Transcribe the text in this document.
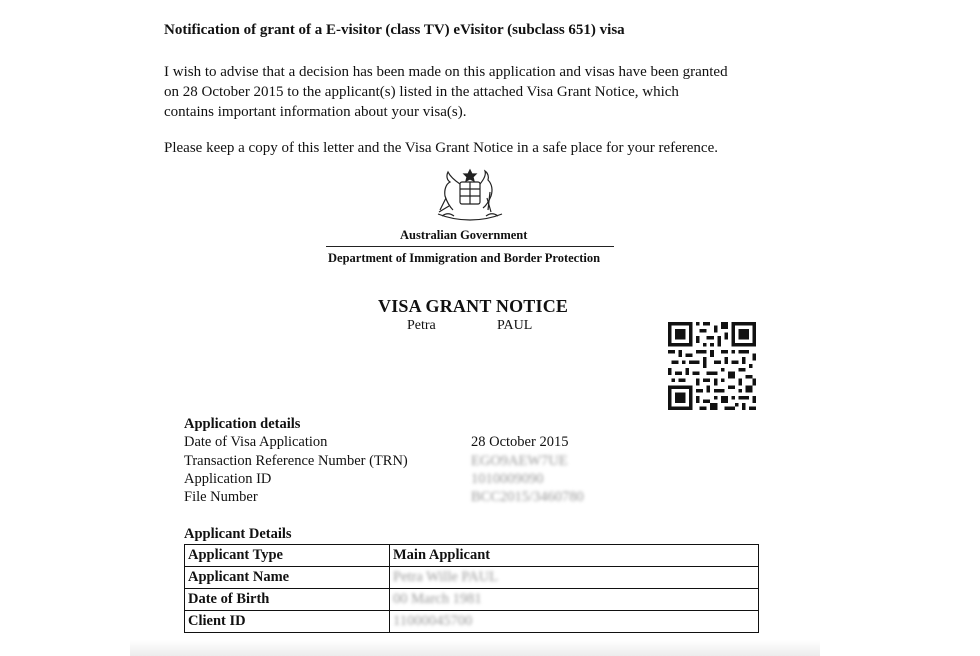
Notification of grant of a E-visitor (class TV) eVisitor (subclass 651) visa
I wish to advise that a decision has been made on this application and visas have been granted
on 28 October 2015 to the applicant(s) listed in the attached Visa Grant Notice, which
contains important information about your visa(s).
Please keep a copy of this letter and the Visa Grant Notice in a safe place for your reference.
Australian Government
Department of Immigration and Border Protection
VISA GRANT NOTICE
Petra	PAUL
Application details
Date of Visa Application	28 October 2015
Transaction Reference Number (TRN)	EGO9AEW7UE
Application ID	1010009090
File Number	BCC2015/3460780
Applicant Details
Applicant Type	Main Applicant
Applicant Name	Petra Wille PAUL
Date of Birth	00 March 1981
Client ID	11000045700
